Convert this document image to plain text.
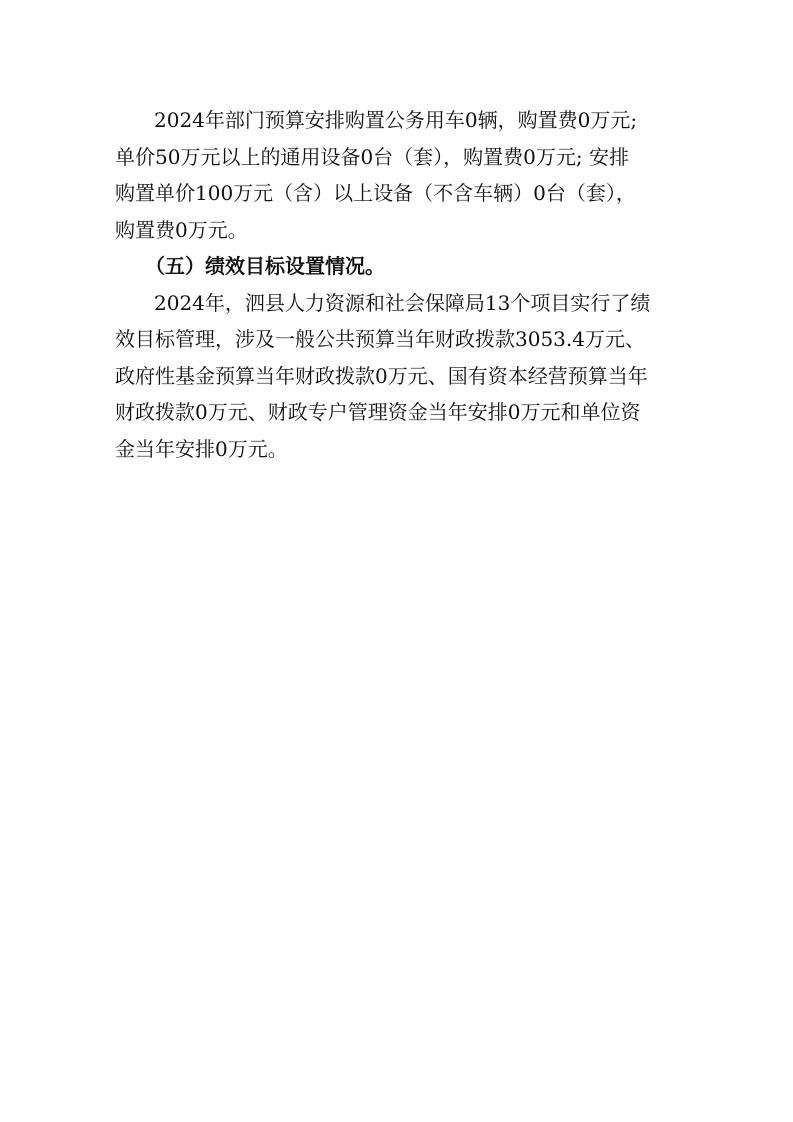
2024年部门预算安排购置公务用车0辆，购置费0万元;
单价50万元以上的通用设备0台（套），购置费0万元; 安排
购置单价100万元（含）以上设备（不含车辆）0台（套），
购置费0万元。
（五）绩效目标设置情况。
2024年，泗县人力资源和社会保障局13个项目实行了绩
效目标管理，涉及一般公共预算当年财政拨款3053.4万元、
政府性基金预算当年财政拨款0万元、国有资本经营预算当年
财政拨款0万元、财政专户管理资金当年安排0万元和单位资
金当年安排0万元。
